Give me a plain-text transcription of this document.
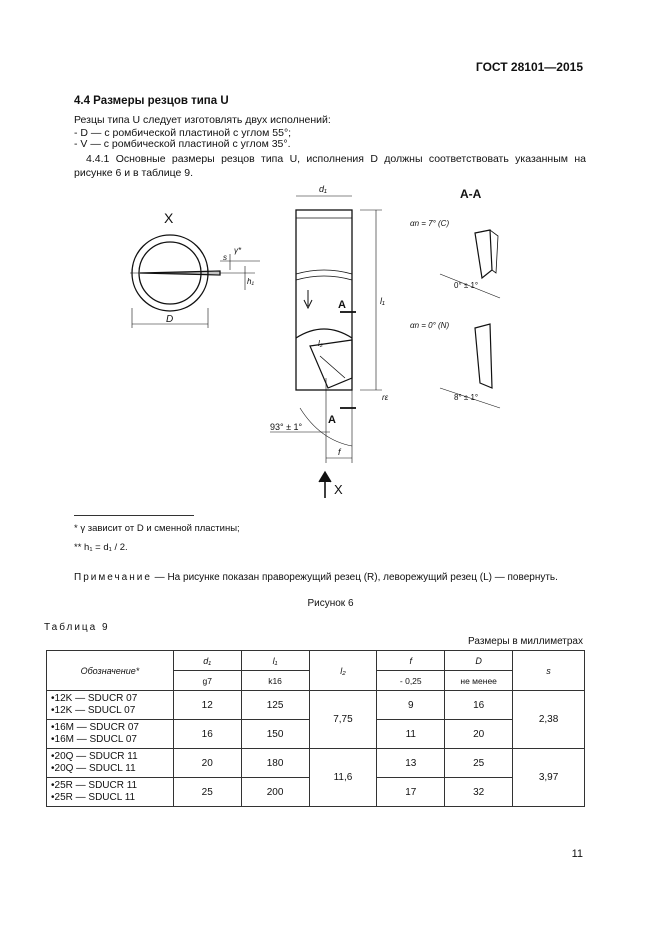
ГОСТ 28101—2015
4.4 Размеры резцов типа U
Резцы типа U следует изготовлять двух исполнений:
- D — с ромбической пластиной с углом 55°;
- V — с ромбической пластиной с углом 35°.
4.4.1 Основные размеры резцов типа U, исполнения D должны соответствовать указанным на рисунке 6 и в таблице 9.
X
D
s
γ*
h₁
d₁
l₁
l₂
f
rε
A
A
93° ± 1°
X
A-A
αn = 7° (C)
αn = 0° (N)
0° ± 1°
8° ± 1°
* γ зависит от D и сменной пластины;
** h₁ = d₁ / 2.
Примечание — На рисунке показан праворежущий резец (R), леворежущий резец (L) — повернуть.
Рисунок 6
Таблица 9
Размеры в миллиметрах
Обозначение*	d₁	l₁	l₂	f	D	s
	g7	k16		- 0,25	не менее	
•12K — SDUCR 07
•12K — SDUCL 07	12	125	7,75	9	16	2,38
•16M — SDUCR 07
•16M — SDUCL 07	16	150		11	20	
•20Q — SDUCR 11
•20Q — SDUCL 11	20	180	11,6	13	25	3,97
•25R — SDUCR 11
•25R — SDUCL 11	25	200		17	32	
11
